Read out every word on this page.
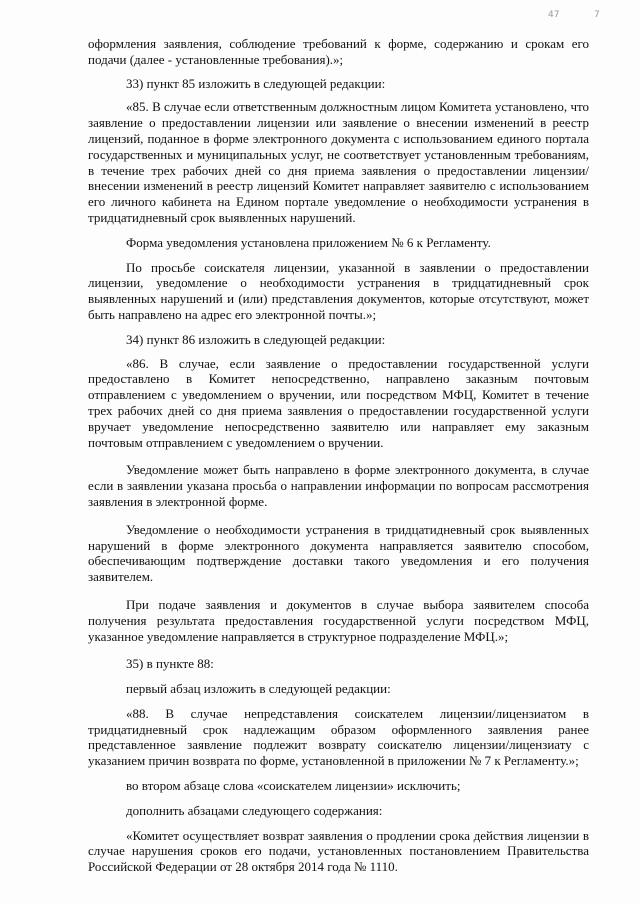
47	7

оформления заявления, соблюдение требований к форме, содержанию и срокам его подачи (далее - установленные требования).»;

33) пункт 85 изложить в следующей редакции:

«85. В случае если ответственным должностным лицом Комитета установлено, что заявление о предоставлении лицензии или заявление о внесении изменений в реестр лицензий, поданное в форме электронного документа с использованием единого портала государственных и муниципальных услуг, не соответствует установленным требованиям, в течение трех рабочих дней со дня приема заявления о предоставлении лицензии/внесении изменений в реестр лицензий Комитет направляет заявителю с использованием его личного кабинета на Едином портале уведомление о необходимости устранения в тридцатидневный срок выявленных нарушений.

Форма уведомления установлена приложением № 6 к Регламенту.

По просьбе соискателя лицензии, указанной в заявлении о предоставлении лицензии, уведомление о необходимости устранения в тридцатидневный срок выявленных нарушений и (или) представления документов, которые отсутствуют, может быть направлено на адрес его электронной почты.»;

34) пункт 86 изложить в следующей редакции:

«86. В случае, если заявление о предоставлении государственной услуги предоставлено в Комитет непосредственно, направлено заказным почтовым отправлением с уведомлением о вручении, или посредством МФЦ, Комитет в течение трех рабочих дней со дня приема заявления о предоставлении государственной услуги вручает уведомление непосредственно заявителю или направляет ему заказным почтовым отправлением с уведомлением о вручении.

Уведомление может быть направлено в форме электронного документа, в случае если в заявлении указана просьба о направлении информации по вопросам рассмотрения заявления в электронной форме.

Уведомление о необходимости устранения в тридцатидневный срок выявленных нарушений в форме электронного документа направляется заявителю способом, обеспечивающим подтверждение доставки такого уведомления и его получения заявителем.

При подаче заявления и документов в случае выбора заявителем способа получения результата предоставления государственной услуги посредством МФЦ, указанное уведомление направляется в структурное подразделение МФЦ.»;

35) в пункте 88:

первый абзац изложить в следующей редакции:

«88. В случае непредставления соискателем лицензии/лицензиатом в тридцатидневный срок надлежащим образом оформленного заявления ранее представленное заявление подлежит возврату соискателю лицензии/лицензиату с указанием причин возврата по форме, установленной в приложении № 7 к Регламенту.»;

во втором абзаце слова «соискателем лицензии» исключить;

дополнить абзацами следующего содержания:

«Комитет осуществляет возврат заявления о продлении срока действия лицензии в случае нарушения сроков его подачи, установленных постановлением Правительства Российской Федерации от 28 октября 2014 года № 1110.
